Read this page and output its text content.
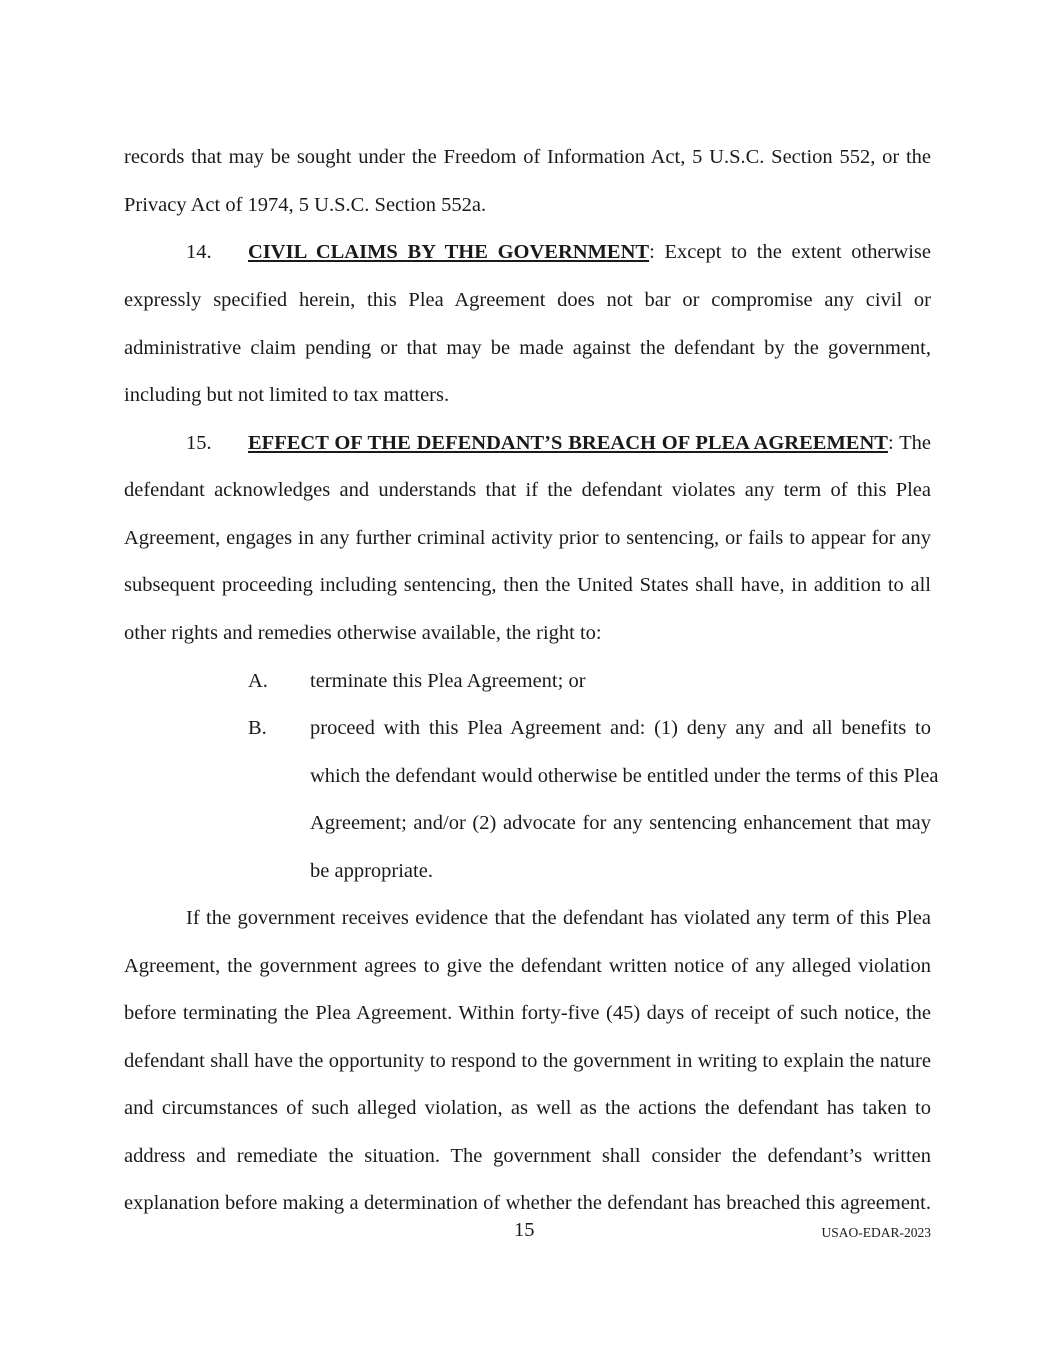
records that may be sought under the Freedom of Information Act, 5 U.S.C. Section 552, or the
Privacy Act of 1974, 5 U.S.C. Section 552a.
14. CIVIL CLAIMS BY THE GOVERNMENT: Except to the extent otherwise
expressly specified herein, this Plea Agreement does not bar or compromise any civil or
administrative claim pending or that may be made against the defendant by the government,
including but not limited to tax matters.
15. EFFECT OF THE DEFENDANT’S BREACH OF PLEA AGREEMENT: The
defendant acknowledges and understands that if the defendant violates any term of this Plea
Agreement, engages in any further criminal activity prior to sentencing, or fails to appear for any
subsequent proceeding including sentencing, then the United States shall have, in addition to all
other rights and remedies otherwise available, the right to:
A. terminate this Plea Agreement; or
B. proceed with this Plea Agreement and: (1) deny any and all benefits to
which the defendant would otherwise be entitled under the terms of this Plea
Agreement; and/or (2) advocate for any sentencing enhancement that may
be appropriate.
If the government receives evidence that the defendant has violated any term of this Plea
Agreement, the government agrees to give the defendant written notice of any alleged violation
before terminating the Plea Agreement. Within forty-five (45) days of receipt of such notice, the
defendant shall have the opportunity to respond to the government in writing to explain the nature
and circumstances of such alleged violation, as well as the actions the defendant has taken to
address and remediate the situation. The government shall consider the defendant’s written
explanation before making a determination of whether the defendant has breached this agreement.
15	USAO-EDAR-2023
